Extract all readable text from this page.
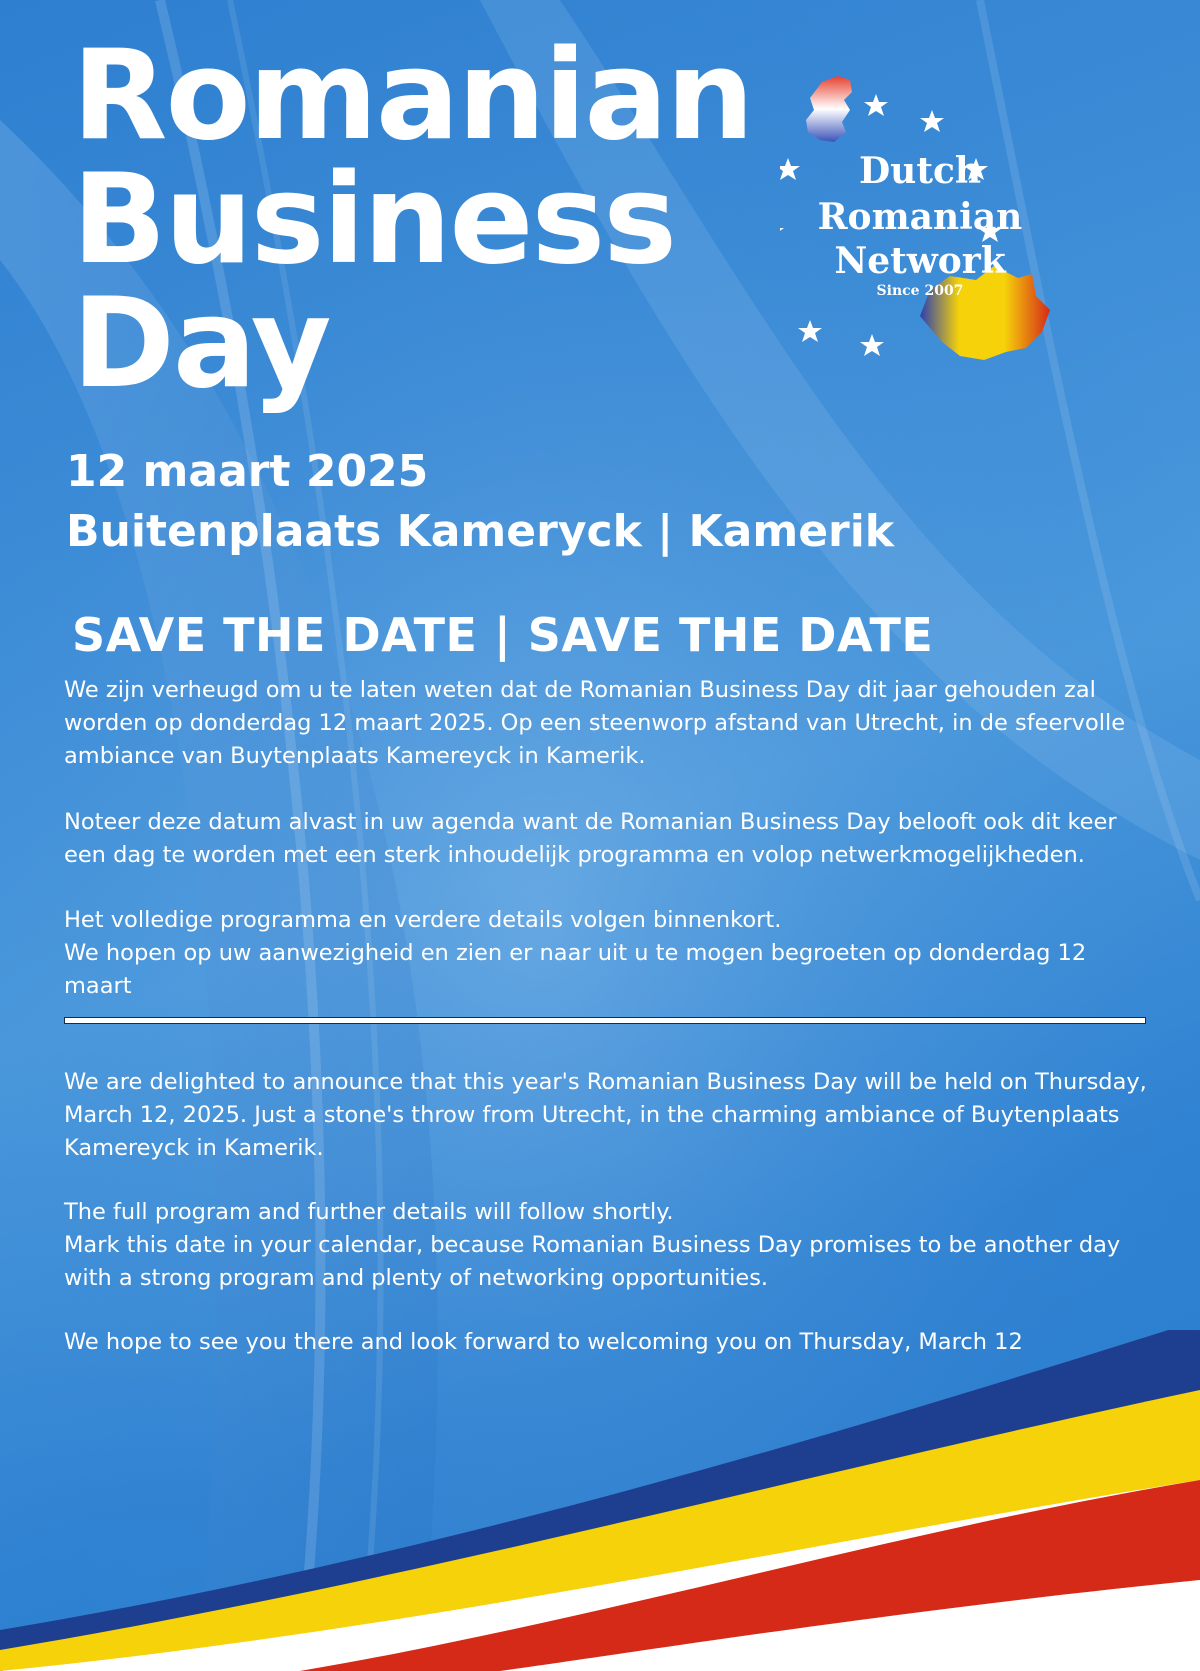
Romanian
Business
Day
Dutch
Romanian
Network
Since 2007
12 maart 2025
Buitenplaats Kameryck | Kamerik
SAVE THE DATE | SAVE THE DATE

We zijn verheugd om u te laten weten dat de Romanian Business Day dit jaar gehouden zal worden op donderdag 12 maart 2025. Op een steenworp afstand van Utrecht, in de sfeervolle ambiance van Buytenplaats Kamereyck in Kamerik.

Noteer deze datum alvast in uw agenda want de Romanian Business Day belooft ook dit keer een dag te worden met een sterk inhoudelijk programma en volop netwerkmogelijkheden.

Het volledige programma en verdere details volgen binnenkort.

We hopen op uw aanwezigheid en zien er naar uit u te mogen begroeten op donderdag 12 maart

We are delighted to announce that this year's Romanian Business Day will be held on Thursday, March 12, 2025. Just a stone's throw from Utrecht, in the charming ambiance of Buytenplaats Kamereyck in Kamerik.

The full program and further details will follow shortly.

Mark this date in your calendar, because Romanian Business Day promises to be another day with a strong program and plenty of networking opportunities.

We hope to see you there and look forward to welcoming you on Thursday, March 12
